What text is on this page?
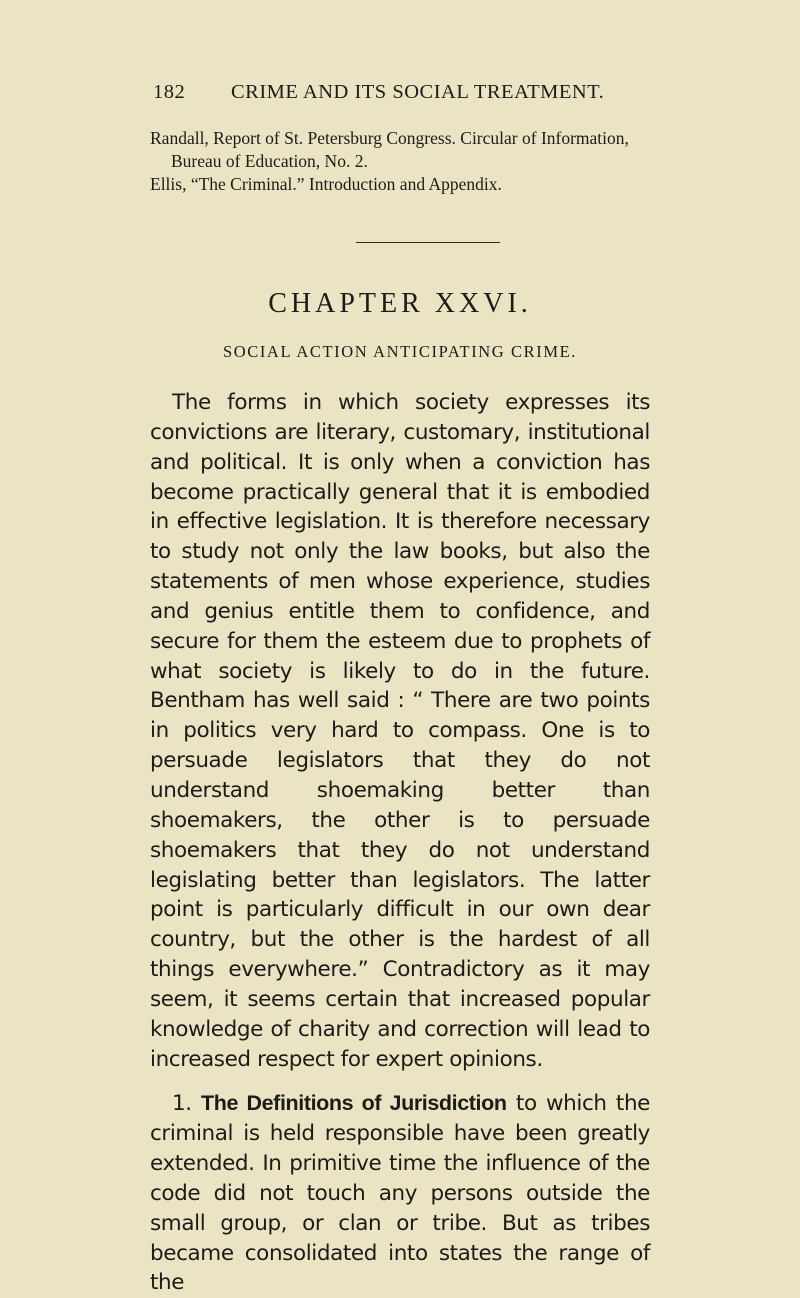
182 CRIME AND ITS SOCIAL TREATMENT.

Randall, Report of St. Petersburg Congress. Circular of Information, Bureau of Education, No. 2.

Ellis, “The Criminal.” Introduction and Appendix.

CHAPTER XXVI.
SOCIAL ACTION ANTICIPATING CRIME.

The forms in which society expresses its convictions are literary, customary, institutional and political. It is only when a conviction has become practically general that it is embodied in effective legislation. It is therefore necessary to study not only the law books, but also the statements of men whose experience, studies and genius entitle them to confidence, and secure for them the esteem due to prophets of what society is likely to do in the future. Bentham has well said : “ There are two points in politics very hard to compass. One is to persuade legislators that they do not understand shoemaking better than shoemakers, the other is to persuade shoemakers that they do not understand legislating better than legislators. The latter point is particularly difficult in our own dear country, but the other is the hardest of all things everywhere.” Contradictory as it may seem, it seems certain that increased popular knowledge of charity and correction will lead to increased respect for expert opinions.

1. The Definitions of Jurisdiction to which the criminal is held responsible have been greatly extended. In primitive time the influence of the code did not touch any persons outside the small group, or clan or tribe. But as tribes became consolidated into states the range of the
